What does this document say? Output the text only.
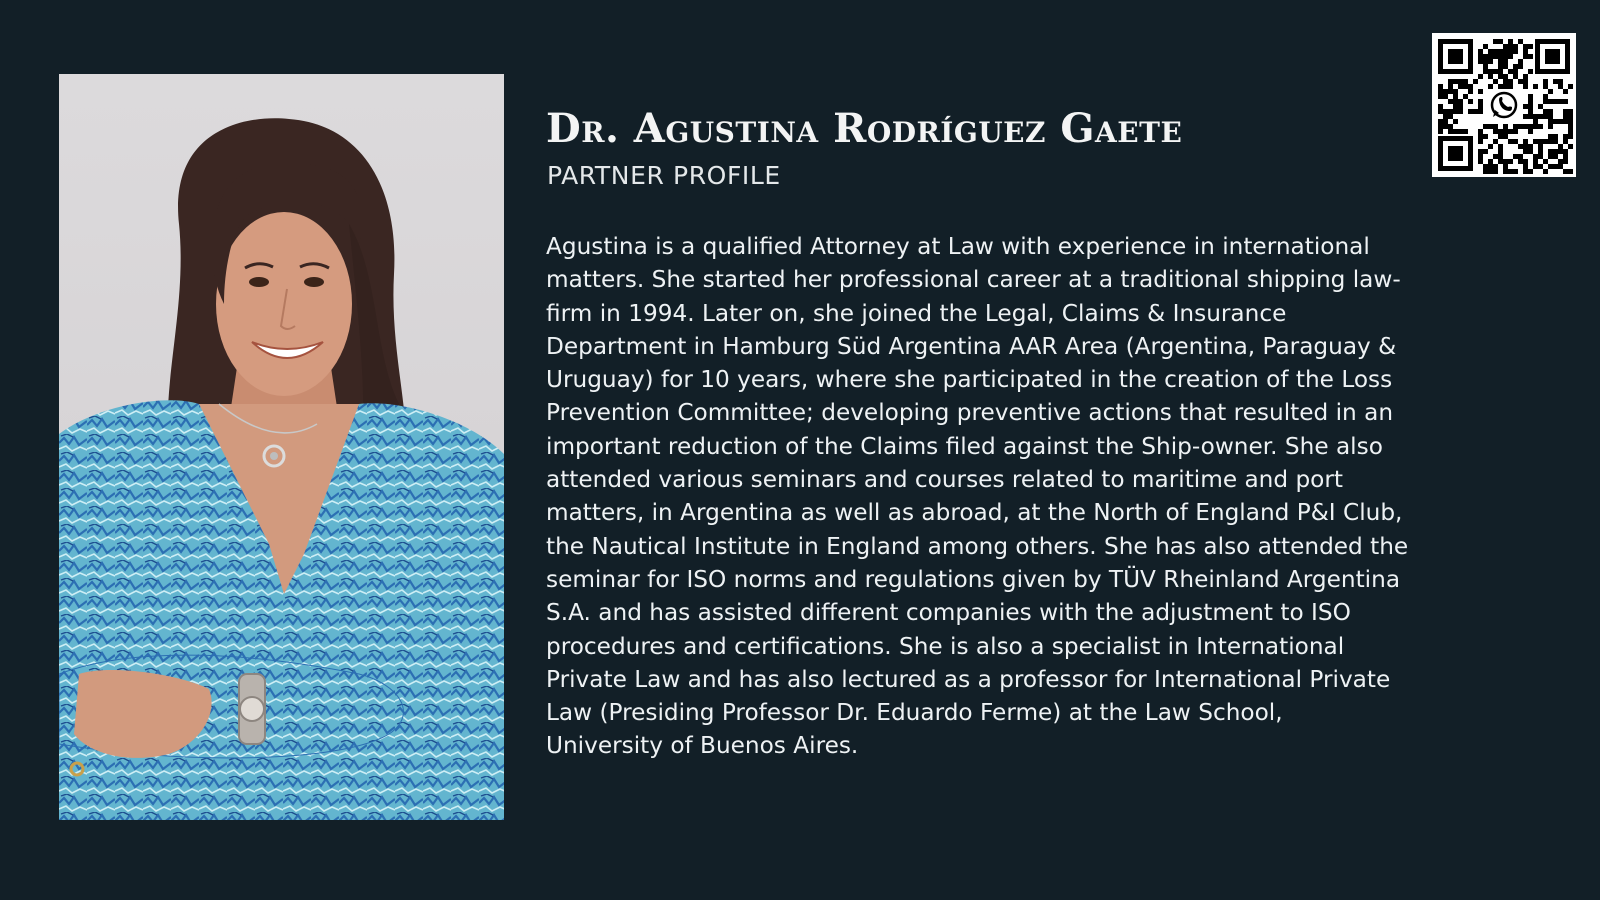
Dr. Agustina Rodríguez Gaete
PARTNER PROFILE
Agustina is a qualified Attorney at Law with experience in international
matters. She started her professional career at a traditional shipping law-
firm in 1994. Later on, she joined the Legal, Claims & Insurance
Department in Hamburg Süd Argentina AAR Area (Argentina, Paraguay &
Uruguay) for 10 years, where she participated in the creation of the Loss
Prevention Committee; developing preventive actions that resulted in an
important reduction of the Claims filed against the Ship-owner. She also
attended various seminars and courses related to maritime and port
matters, in Argentina as well as abroad, at the North of England P&I Club,
the Nautical Institute in England among others. She has also attended the
seminar for ISO norms and regulations given by TÜV Rheinland Argentina
S.A. and has assisted different companies with the adjustment to ISO
procedures and certifications. She is also a specialist in International
Private Law and has also lectured as a professor for International Private
Law (Presiding Professor Dr. Eduardo Ferme) at the Law School,
University of Buenos Aires.
